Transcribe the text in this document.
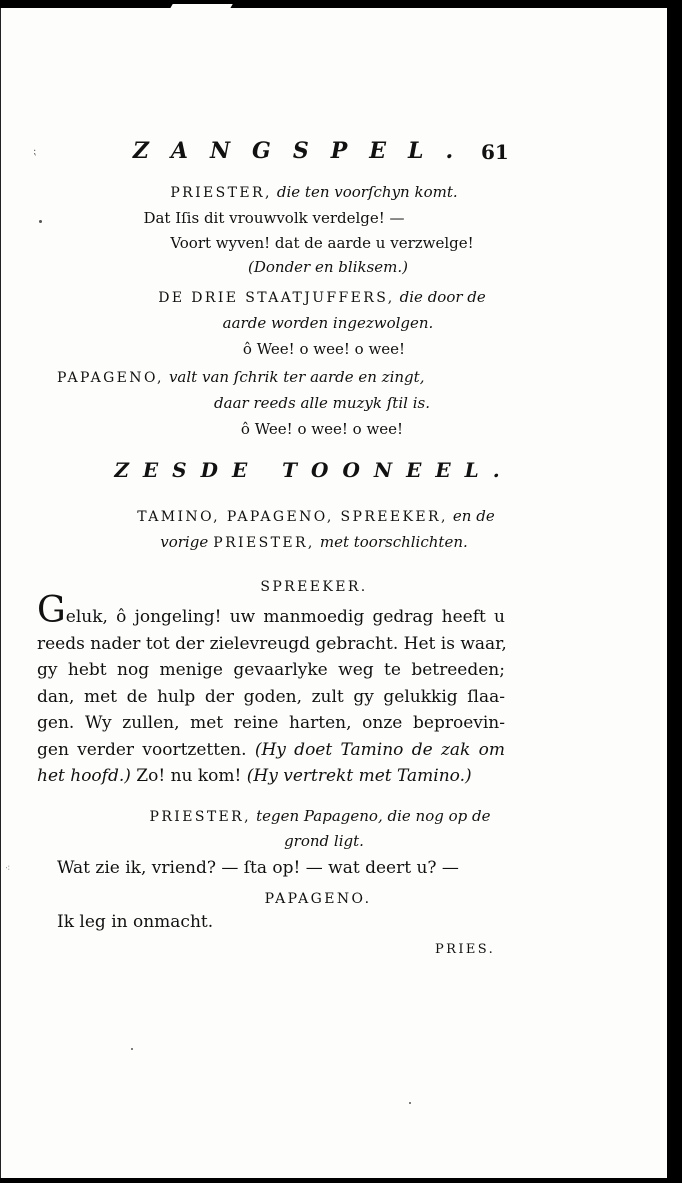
ZANGSPEL. 61
⁏
PRIESTER, die ten voorſchyn komt.
Dat Iſis dit vrouwvolk verdelge! —
Voort wyven! dat de aarde u verzwelge!
(Donder en bliksem.)
DE DRIE STAATJUFFERS, die door de
aarde worden ingezwolgen.
ô Wee! o wee! o wee!
PAPAGENO, valt van ſchrik ter aarde en zingt,
daar reeds alle muzyk ſtil is.
ô Wee! o wee! o wee!
ZESDE TOONEEL.
TAMINO, PAPAGENO, SPREEKER, en de
vorige PRIESTER, met toorschlichten.
SPREEKER.
Geluk, ô jongeling! uw manmoedig gedrag heeft u
reeds nader tot der zielevreugd gebracht. Het is waar,
gy hebt nog menige gevaarlyke weg te betreeden;
dan, met de hulp der goden, zult gy gelukkig ſlaa-
gen. Wy zullen, met reine harten, onze beproevin-
gen verder voortzetten. (Hy doet Tamino de zak om
het hoofd.) Zo! nu kom! (Hy vertrekt met Tamino.)
PRIESTER, tegen Papageno, die nog op de
grond ligt.
Wat zie ik, vriend? — ſta op! — wat deert u? —
⁖
PAPAGENO.
Ik leg in onmacht.
PRIES.
